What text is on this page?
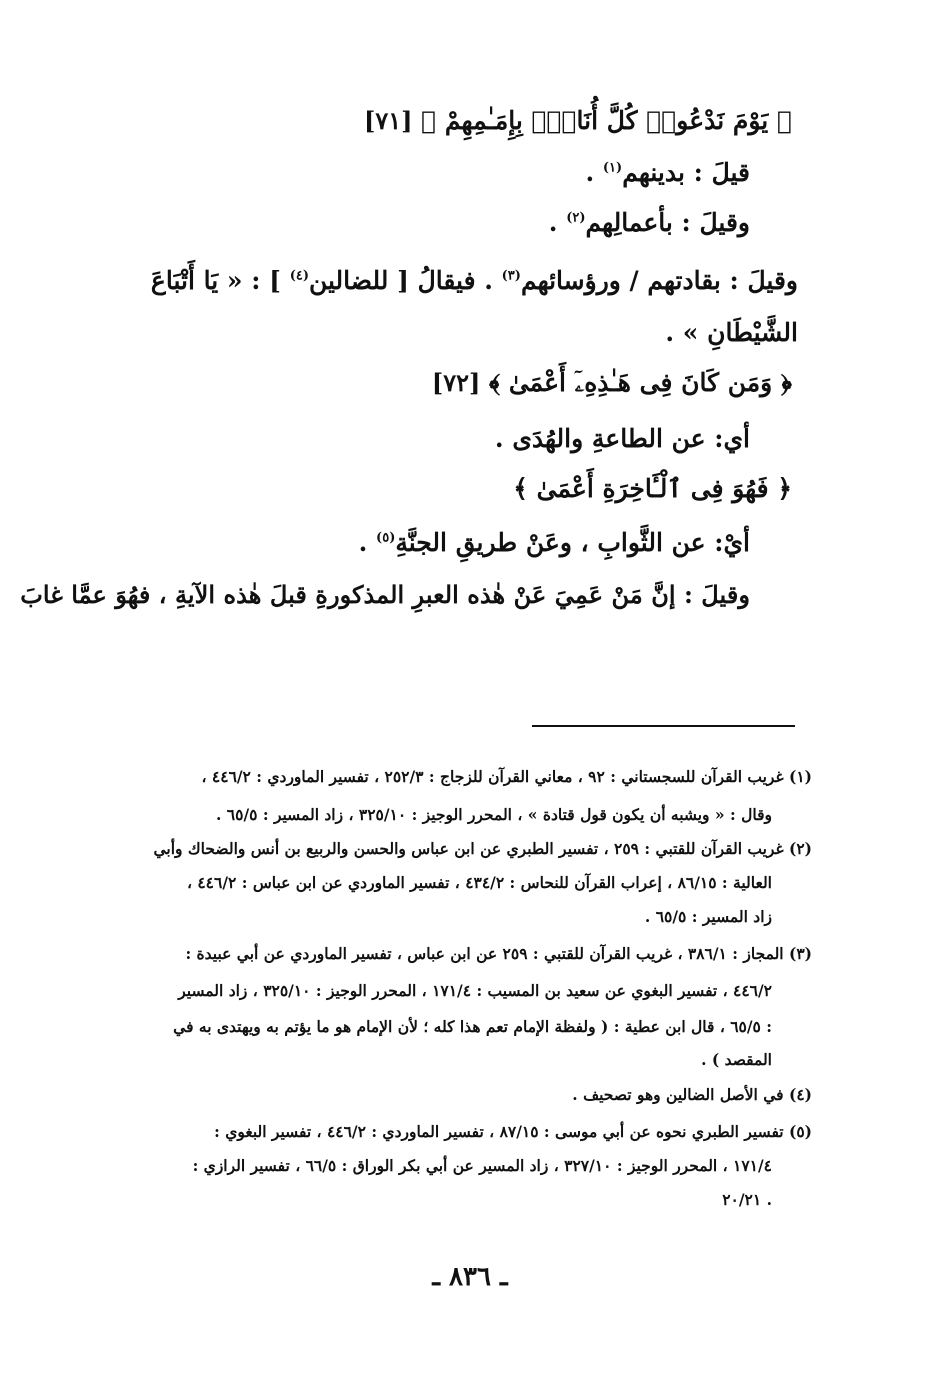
﴿ يَوْمَ نَدْعُوا۟ كُلَّ أُنَاسٍۭ بِإِمَـٰمِهِمْ ﴾ [٧١]
قيلَ : بدينهم$^{(١)}$ .
وقيلَ : بأعمالِهم$^{(٢)}$ .
وقيلَ : بقادتهم / ورؤسائهم$^{(٣)}$ . فيقالُ [ للضالين$^{(٤)}$ ] : « يَا أَتْبَاعَ
الشَّيْطَانِ » .
﴿ وَمَن كَانَ فِى هَـٰذِهِۦٓ أَعْمَىٰ ﴾ [٧٢]
أي: عن الطاعةِ والهُدَى .
﴿ فَهُوَ فِى ٱلْـَٔاخِرَةِ أَعْمَىٰ ﴾
أيْ: عن الثَّوابِ ، وعَنْ طريقِ الجنَّةِ$^{(٥)}$ .
وقيلَ : إنَّ مَنْ عَمِيَ عَنْ هٰذه العبرِ المذكورةِ قبلَ هٰذه الآيةِ ، فهُوَ عمَّا غابَ
(١) غريب القرآن للسجستاني : ٩٢ ، معاني القرآن للزجاج : ٢٥٢/٣ ، تفسير الماوردي : ٤٤٦/٢ ،
وقال : « ويشبه أن يكون قول قتادة » ، المحرر الوجيز : ٣٢٥/١٠ ، زاد المسير : ٦٥/٥ .
(٢) غريب القرآن للقتبي : ٢٥٩ ، تفسير الطبري عن ابن عباس والحسن والربيع بن أنس والضحاك وأبي
العالية : ٨٦/١٥ ، إعراب القرآن للنحاس : ٤٣٤/٢ ، تفسير الماوردي عن ابن عباس : ٤٤٦/٢ ،
زاد المسير : ٦٥/٥ .
(٣) المجاز : ٣٨٦/١ ، غريب القرآن للقتبي : ٢٥٩ عن ابن عباس ، تفسير الماوردي عن أبي عبيدة :
٤٤٦/٢ ، تفسير البغوي عن سعيد بن المسيب : ١٧١/٤ ، المحرر الوجيز : ٣٢٥/١٠ ، زاد المسير
: ٦٥/٥ ، قال ابن عطية : ( ولفظة الإمام تعم هذا كله ؛ لأن الإمام هو ما يؤتم به ويهتدى به في
المقصد ) .
(٤) في الأصل الضالين وهو تصحيف .
(٥) تفسير الطبري نحوه عن أبي موسى : ٨٧/١٥ ، تفسير الماوردي : ٤٤٦/٢ ، تفسير البغوي :
١٧١/٤ ، المحرر الوجيز : ٣٢٧/١٠ ، زاد المسير عن أبي بكر الوراق : ٦٦/٥ ، تفسير الرازي :
٢٠/٢١ .
ـ ٨٣٦ ـ
